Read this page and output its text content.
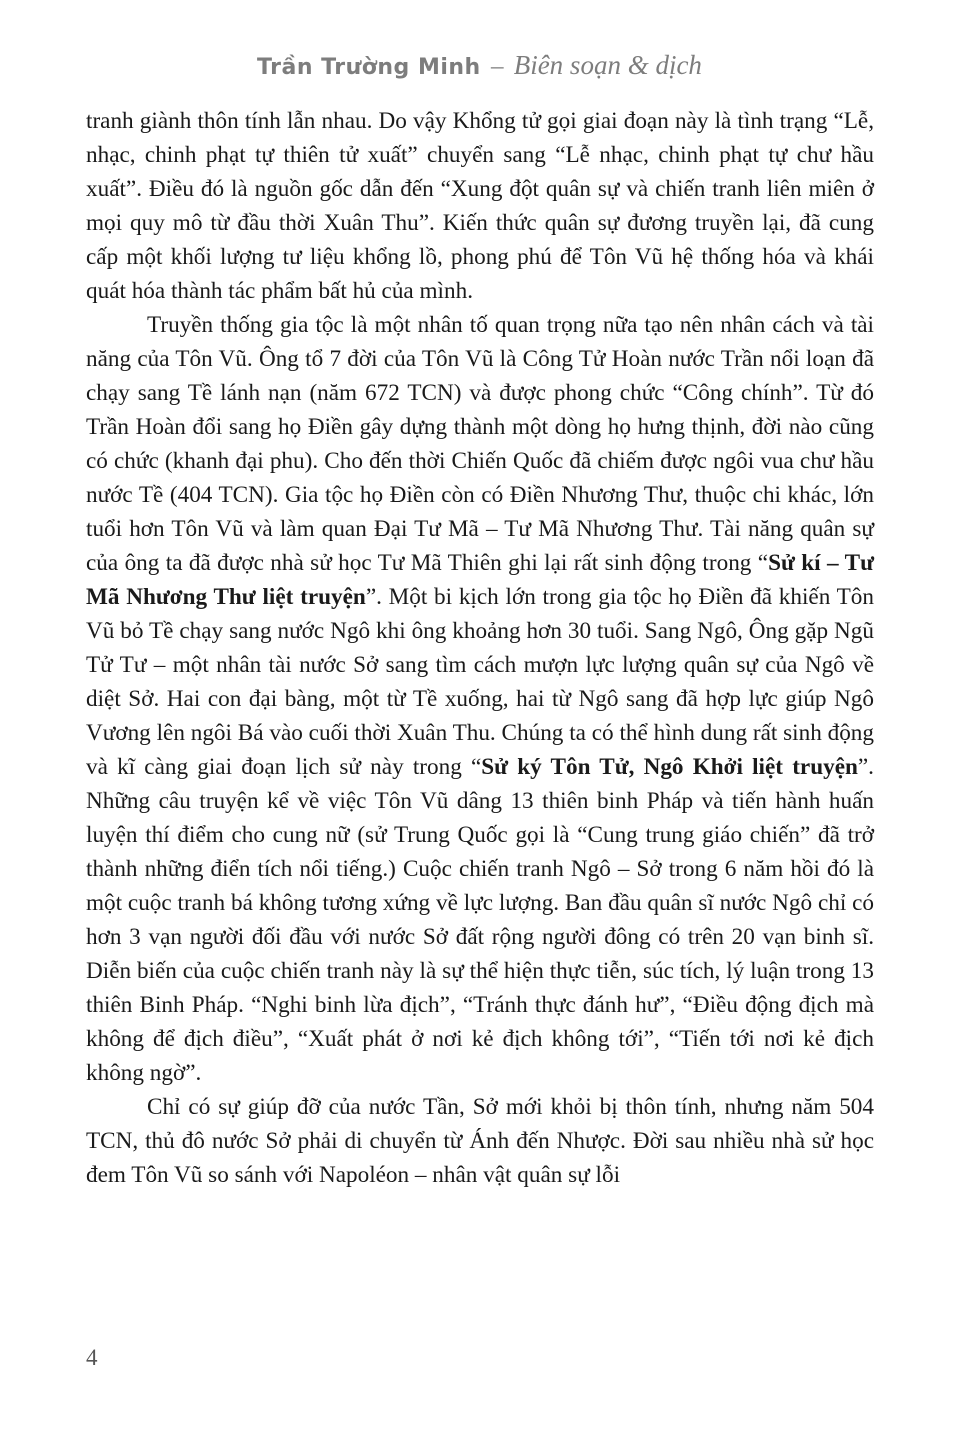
Trần Trường Minh – Biên soạn & dịch

tranh giành thôn tính lẫn nhau. Do vậy Khổng tử gọi giai đoạn này là tình trạng “Lễ, nhạc, chinh phạt tự thiên tử xuất” chuyển sang “Lễ nhạc, chinh phạt tự chư hầu xuất”. Điều đó là nguồn gốc dẫn đến “Xung đột quân sự và chiến tranh liên miên ở mọi quy mô từ đầu thời Xuân Thu”. Kiến thức quân sự đương truyền lại, đã cung cấp một khối lượng tư liệu khổng lồ, phong phú để Tôn Vũ hệ thống hóa và khái quát hóa thành tác phẩm bất hủ của mình.

Truyền thống gia tộc là một nhân tố quan trọng nữa tạo nên nhân cách và tài năng của Tôn Vũ. Ông tổ 7 đời của Tôn Vũ là Công Tử Hoàn nước Trần nổi loạn đã chạy sang Tề lánh nạn (năm 672 TCN) và được phong chức “Công chính”. Từ đó Trần Hoàn đổi sang họ Điền gây dựng thành một dòng họ hưng thịnh, đời nào cũng có chức (khanh đại phu). Cho đến thời Chiến Quốc đã chiếm được ngôi vua chư hầu nước Tề (404 TCN). Gia tộc họ Điền còn có Điền Nhương Thư, thuộc chi khác, lớn tuổi hơn Tôn Vũ và làm quan Đại Tư Mã – Tư Mã Nhương Thư. Tài năng quân sự của ông ta đã được nhà sử học Tư Mã Thiên ghi lại rất sinh động trong “Sử kí – Tư Mã Nhương Thư liệt truyện”. Một bi kịch lớn trong gia tộc họ Điền đã khiến Tôn Vũ bỏ Tề chạy sang nước Ngô khi ông khoảng hơn 30 tuổi. Sang Ngô, Ông gặp Ngũ Tử Tư – một nhân tài nước Sở sang tìm cách mượn lực lượng quân sự của Ngô về diệt Sở. Hai con đại bàng, một từ Tề xuống, hai từ Ngô sang đã hợp lực giúp Ngô Vương lên ngôi Bá vào cuối thời Xuân Thu. Chúng ta có thể hình dung rất sinh động và kĩ càng giai đoạn lịch sử này trong “Sử ký Tôn Tử, Ngô Khởi liệt truyện”. Những câu truyện kể về việc Tôn Vũ dâng 13 thiên binh Pháp và tiến hành huấn luyện thí điểm cho cung nữ (sử Trung Quốc gọi là “Cung trung giáo chiến” đã trở thành những điển tích nổi tiếng.) Cuộc chiến tranh Ngô – Sở trong 6 năm hồi đó là một cuộc tranh bá không tương xứng về lực lượng. Ban đầu quân sĩ nước Ngô chỉ có hơn 3 vạn người đối đầu với nước Sở đất rộng người đông có trên 20 vạn binh sĩ. Diễn biến của cuộc chiến tranh này là sự thể hiện thực tiễn, súc tích, lý luận trong 13 thiên Binh Pháp. “Nghi binh lừa địch”, “Tránh thực đánh hư”, “Điều động địch mà không để địch điều”, “Xuất phát ở nơi kẻ địch không tới”, “Tiến tới nơi kẻ địch không ngờ”.

Chỉ có sự giúp đỡ của nước Tần, Sở mới khỏi bị thôn tính, nhưng năm 504 TCN, thủ đô nước Sở phải di chuyển từ Ánh đến Nhược. Đời sau nhiều nhà sử học đem Tôn Vũ so sánh với Napoléon – nhân vật quân sự lỗi

4
